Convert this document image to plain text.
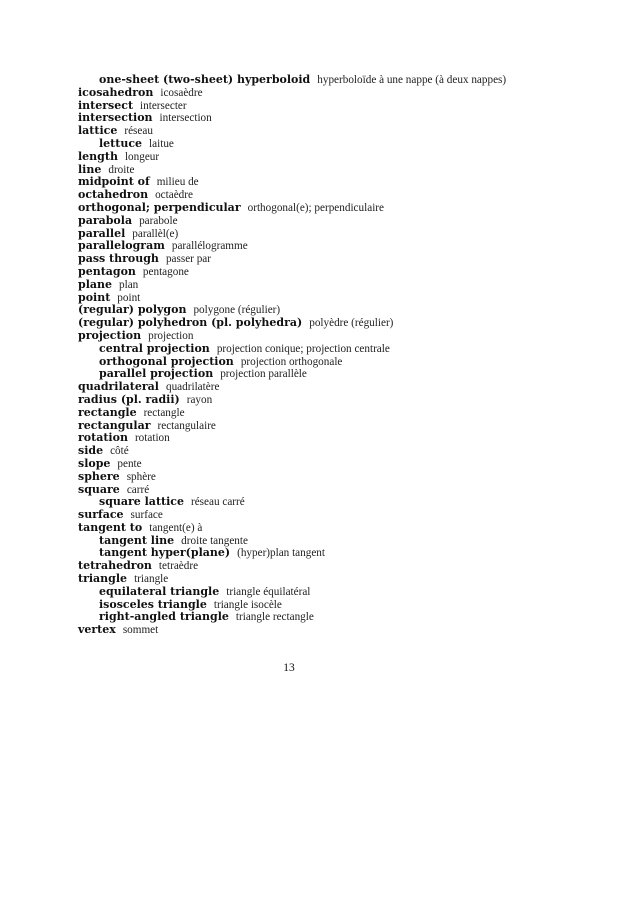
one-sheet (two-sheet) hyperboloid hyperboloïde à une nappe (à deux nappes)
icosahedron icosaèdre
intersect intersecter
intersection intersection
lattice réseau
lettuce laitue
length longeur
line droite
midpoint of milieu de
octahedron octaèdre
orthogonal; perpendicular orthogonal(e); perpendiculaire
parabola parabole
parallel parallèl(e)
parallelogram parallélogramme
pass through passer par
pentagon pentagone
plane plan
point point
(regular) polygon polygone (régulier)
(regular) polyhedron (pl. polyhedra) polyèdre (régulier)
projection projection
central projection projection conique; projection centrale
orthogonal projection projection orthogonale
parallel projection projection parallèle
quadrilateral quadrilatère
radius (pl. radii) rayon
rectangle rectangle
rectangular rectangulaire
rotation rotation
side côté
slope pente
sphere sphère
square carré
square lattice réseau carré
surface surface
tangent to tangent(e) à
tangent line droite tangente
tangent hyper(plane) (hyper)plan tangent
tetrahedron tetraèdre
triangle triangle
equilateral triangle triangle équilatéral
isosceles triangle triangle isocèle
right-angled triangle triangle rectangle
vertex sommet
13
